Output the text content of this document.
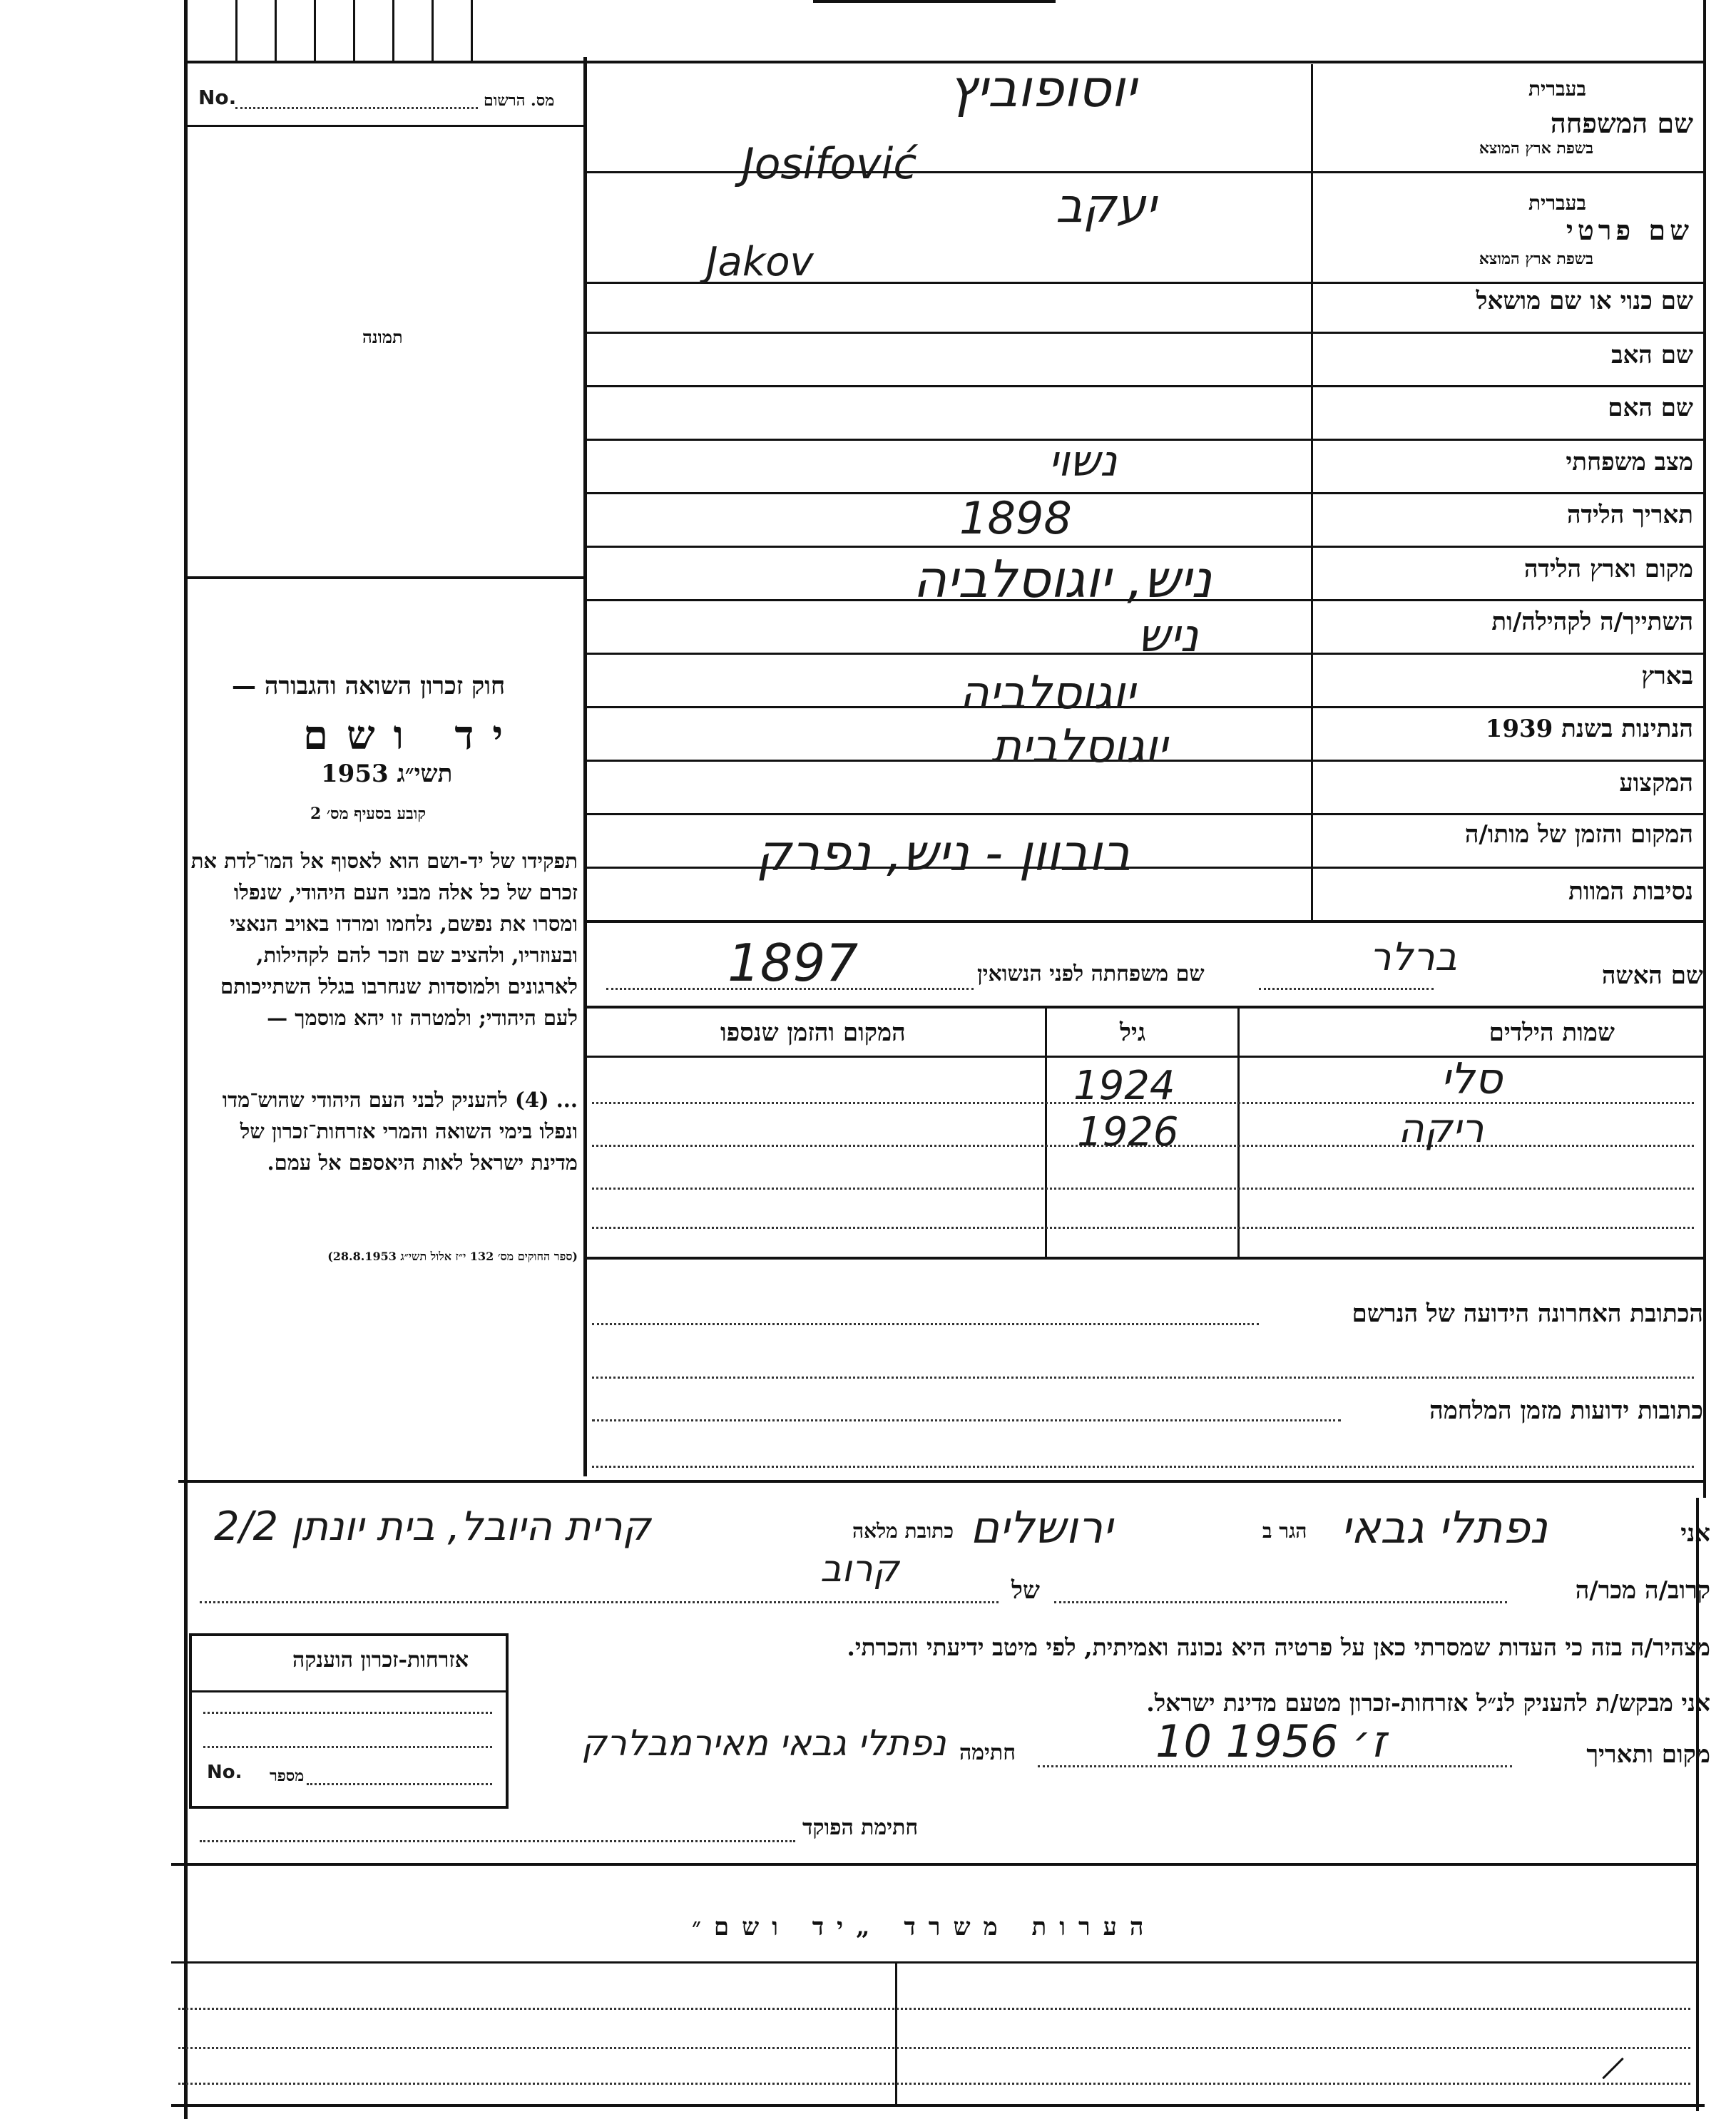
מס. הרשום
No.
תמונה
חוק זכרון השואה והגבורה —
יד ושם
תשי״ג 1953
קובע בסעיף מס׳ 2
תפקידו של יד-ושם הוא לאסוף אל המו־לדת את זכרם של כל אלה מבני העם היהודי, שנפלו ומסרו את נפשם, נלחמו ומרדו באויב הנאצי ובעוזריו, ולהציב שם וזכר להם לקהילות, לארגונים ולמוסדות שנחרבו בגלל השתייכותם לעם היהודי; ולמטרה זו יהא מוסמך —
... (4) להעניק לבני העם היהודי שהוש־מדו ונפלו בימי השואה והמרי אזרחות־זכרון של מדינת ישראל לאות היאספם אל עמם.
(ספר החוקים מס׳ 132 י״ז אלול תשי״ג 28.8.1953)
שם המשפחה
בעברית
בשפת ארץ המוצא
שם פרטי
בעברית
בשפת ארץ המוצא
שם כנוי או שם מושאל
שם האב
שם האם
מצב משפחתי
תאריך הלידה
מקום וארץ הלידה
השתייך/ה לקהילה/ות
בארץ
הנתינות בשנת 1939
המקצוע
המקום והזמן של מותו/ה
נסיבות המוות
יוסופוביץ
Josifović
יעקב
Jakov
נשוי
1898
ניש, יוגוסלביה
ניש
יוגוסלביה
יוגוסלבית
בובוון - ניש, נפרק
שם האשה
שם משפחתה לפני הנשואין	ברלר
1897
שמות הילדים
גיל
המקום והזמן שנספו
סלי
1924
ריקה
1926
הכתובת האחרונה הידועה של הנרשם
כתובות ידועות מזמן המלחמה
אני
נפתלי גבאי
הגר ב
ירושלים
כתובת מלאה
קרית היובל, בית יונתן 2/2
קרוב/ה מכר/ה
של
קרוב
מצהיר/ה בזה כי העדות שמסרתי כאן על פרטיה היא נכונה ואמיתית, לפי מיטב ידיעתי והכרתי.
אני מבקש/ת להעניק לנ״ל אזרחות-זכרון מטעם מדינת ישראל.
מקום ותאריך
10 ז׳ 1956
חתימה
נפתלי גבאי מאירמבלרק
חתימת הפוקד
אזרחות-זכרון הוענקה
No. מספר
הערות משרד „יד ושם״
